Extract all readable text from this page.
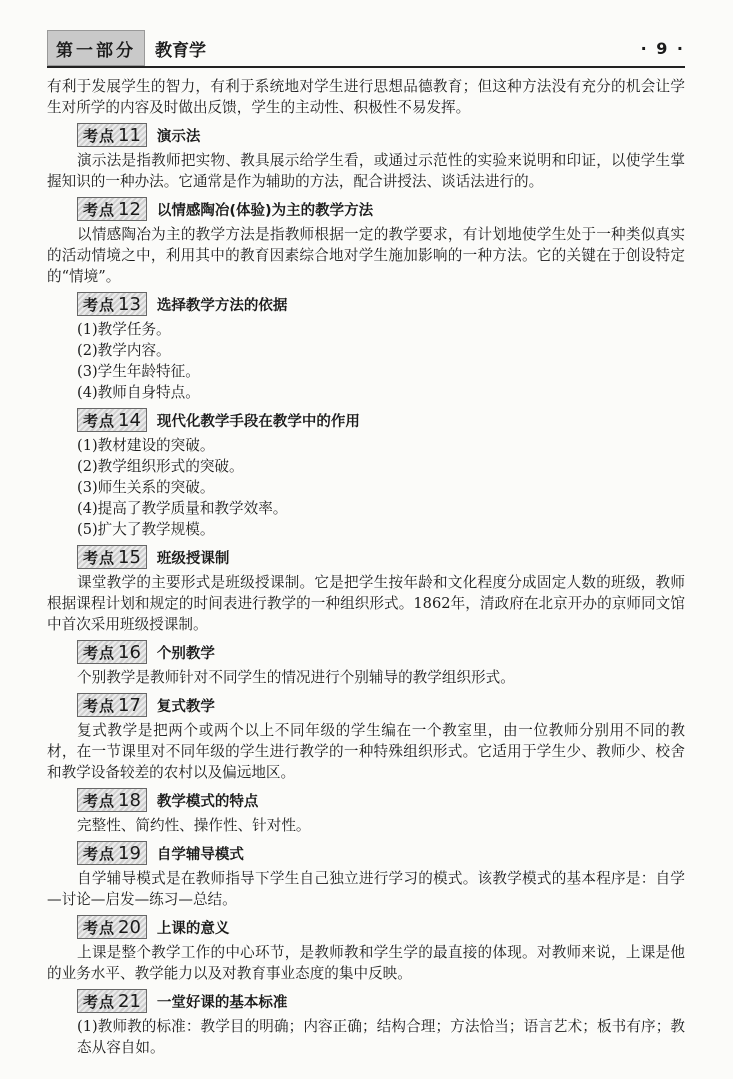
第一部分	教育学	· 9 ·

有利于发展学生的智力，有利于系统地对学生进行思想品德教育；但这种方法没有充分的机会让学生对所学的内容及时做出反馈，学生的主动性、积极性不易发挥。

考点 11 演示法

演示法是指教师把实物、教具展示给学生看，或通过示范性的实验来说明和印证，以使学生掌握知识的一种办法。它通常是作为辅助的方法，配合讲授法、谈话法进行的。

考点 12 以情感陶冶(体验)为主的教学方法

以情感陶冶为主的教学方法是指教师根据一定的教学要求，有计划地使学生处于一种类似真实的活动情境之中，利用其中的教育因素综合地对学生施加影响的一种方法。它的关键在于创设特定的“情境”。

考点 13 选择教学方法的依据

(1)教学任务。

(2)教学内容。

(3)学生年龄特征。

(4)教师自身特点。

考点 14 现代化教学手段在教学中的作用

(1)教材建设的突破。

(2)教学组织形式的突破。

(3)师生关系的突破。

(4)提高了教学质量和教学效率。

(5)扩大了教学规模。

考点 15 班级授课制

课堂教学的主要形式是班级授课制。它是把学生按年龄和文化程度分成固定人数的班级，教师根据课程计划和规定的时间表进行教学的一种组织形式。1862年，清政府在北京开办的京师同文馆中首次采用班级授课制。

考点 16 个别教学

个别教学是教师针对不同学生的情况进行个别辅导的教学组织形式。

考点 17 复式教学

复式教学是把两个或两个以上不同年级的学生编在一个教室里，由一位教师分别用不同的教材，在一节课里对不同年级的学生进行教学的一种特殊组织形式。它适用于学生少、教师少、校舍和教学设备较差的农村以及偏远地区。

考点 18 教学模式的特点

完整性、简约性、操作性、针对性。

考点 19 自学辅导模式

自学辅导模式是在教师指导下学生自己独立进行学习的模式。该教学模式的基本程序是：自学—讨论—启发—练习—总结。

考点 20 上课的意义

上课是整个教学工作的中心环节，是教师教和学生学的最直接的体现。对教师来说，上课是他的业务水平、教学能力以及对教育事业态度的集中反映。

考点 21 一堂好课的基本标准

(1)教师教的标准：教学目的明确；内容正确；结构合理；方法恰当；语言艺术；板书有序；教态从容自如。
